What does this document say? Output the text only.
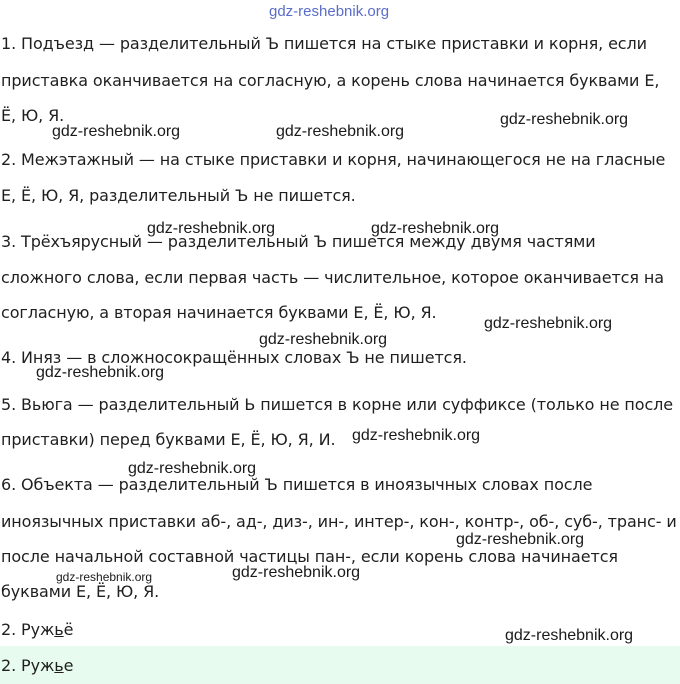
gdz-reshebnik.org
1. Подъезд — разделительный Ъ пишется на стыке приставки и корня, если
приставка оканчивается на согласную, а корень слова начинается буквами Е,
Ё, Ю, Я.
2. Межэтажный — на стыке приставки и корня, начинающегося не на гласные
Е, Ё, Ю, Я, разделительный Ъ не пишется.
3. Трёхъярусный — разделительный Ъ пишется между двумя частями
сложного слова, если первая часть — числительное, которое оканчивается на
согласную, а вторая начинается буквами Е, Ё, Ю, Я.
4. Иняз — в сложносокращённых словах Ъ не пишется.
5. Вьюга — разделительный Ь пишется в корне или суффиксе (только не после
приставки) перед буквами Е, Ё, Ю, Я, И.
6. Объекта — разделительный Ъ пишется в иноязычных словах после
иноязычных приставки аб-, ад-, диз-, ин-, интер-, кон-, контр-, об-, суб-, транс- и
после начальной составной частицы пан-, если корень слова начинается
буквами Е, Ё, Ю, Я.
2. Ружьё
2. Ружье
gdz-reshebnik.org	gdz-reshebnik.org
gdz-reshebnik.org
gdz-reshebnik.org	gdz-reshebnik.org
gdz-reshebnik.org
gdz-reshebnik.org
gdz-reshebnik.org
gdz-reshebnik.org
gdz-reshebnik.org
gdz-reshebnik.org
gdz-reshebnik.org	gdz-reshebnik.org
gdz-reshebnik.org
